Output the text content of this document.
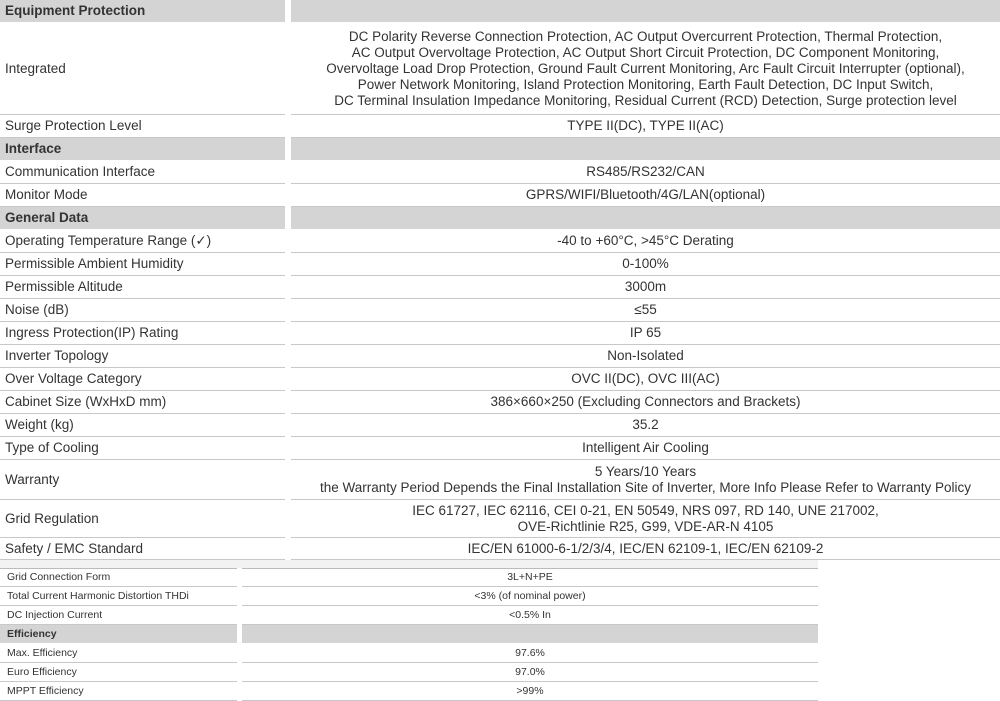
Equipment Protection	
Integrated	DC Polarity Reverse Connection Protection, AC Output Overcurrent Protection, Thermal Protection,
AC Output Overvoltage Protection, AC Output Short Circuit Protection, DC Component Monitoring,
Overvoltage Load Drop Protection, Ground Fault Current Monitoring, Arc Fault Circuit Interrupter (optional),
Power Network Monitoring, Island Protection Monitoring, Earth Fault Detection, DC Input Switch,
DC Terminal Insulation Impedance Monitoring, Residual Current (RCD) Detection, Surge protection level

Surge Protection Level	TYPE II(DC), TYPE II(AC)
Interface	
Communication Interface	RS485/RS232/CAN
Monitor Mode	GPRS/WIFI/Bluetooth/4G/LAN(optional)
General Data	
Operating Temperature Range (✓)	-40 to +60°C, >45°C Derating
Permissible Ambient Humidity	0-100%
Permissible Altitude	3000m
Noise (dB)	≤55
Ingress Protection(IP) Rating	IP 65
Inverter Topology	Non-Isolated
Over Voltage Category	OVC II(DC), OVC III(AC)
Cabinet Size (WxHxD mm)	386×660×250 (Excluding Connectors and Brackets)
Weight (kg)	35.2
Type of Cooling	Intelligent Air Cooling
Warranty	5 Years/10 Years
the Warranty Period Depends the Final Installation Site of Inverter, More Info Please Refer to Warranty Policy

Grid Regulation	IEC 61727, IEC 62116, CEI 0-21, EN 50549, NRS 097, RD 140, UNE 217002,
OVE-Richtlinie R25, G99, VDE-AR-N 4105

Safety / EMC Standard	IEC/EN 61000-6-1/2/3/4, IEC/EN 62109-1, IEC/EN 62109-2
Grid Connection Form	3L+N+PE
Total Current Harmonic Distortion THDi	<3% (of nominal power)
DC Injection Current	<0.5% In
Efficiency	
Max. Efficiency	97.6%
Euro Efficiency	97.0%
MPPT Efficiency	>99%
